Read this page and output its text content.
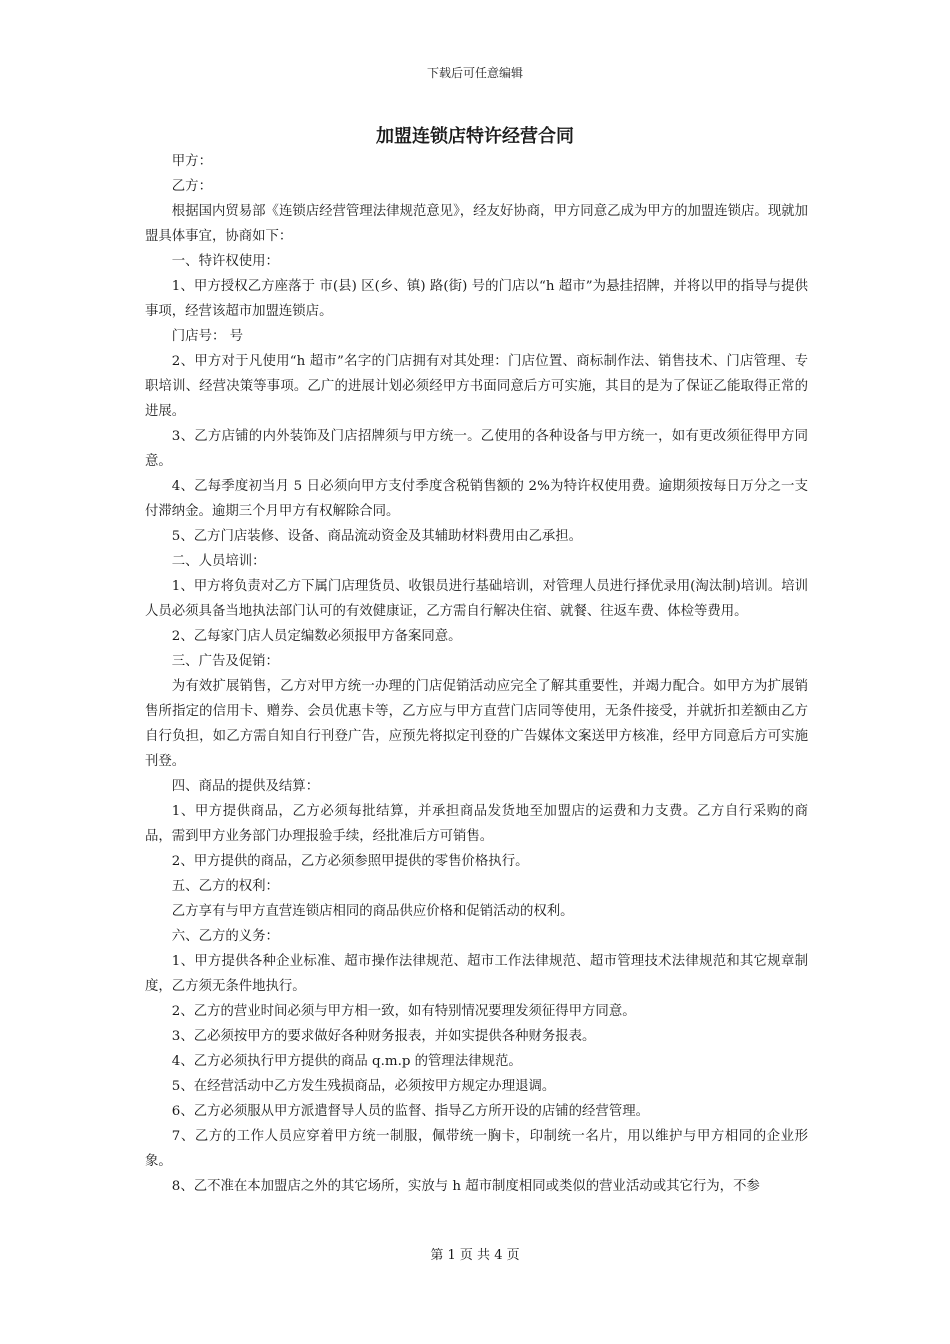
下载后可任意编辑
加盟连锁店特许经营合同

甲方：

乙方：

根据国内贸易部《连锁店经营管理法律规范意见》，经友好协商，甲方同意乙成为甲方的加盟连锁店。现就加盟具体事宜，协商如下：

一、特许权使用：

1、甲方授权乙方座落于 市(县) 区(乡、镇) 路(街) 号的门店以“h 超市”为悬挂招牌，并将以甲的指导与提供事项，经营该超市加盟连锁店。

门店号： 号

2、甲方对于凡使用“h 超市”名字的门店拥有对其处理：门店位置、商标制作法、销售技术、门店管理、专职培训、经营决策等事项。乙广的进展计划必须经甲方书面同意后方可实施，其目的是为了保证乙能取得正常的进展。

3、乙方店铺的内外装饰及门店招牌须与甲方统一。乙使用的各种设备与甲方统一，如有更改须征得甲方同意。

4、乙每季度初当月 5 日必须向甲方支付季度含税销售额的 2%为特许权使用费。逾期须按每日万分之一支付滞纳金。逾期三个月甲方有权解除合同。

5、乙方门店装修、设备、商品流动资金及其辅助材料费用由乙承担。

二、人员培训：

1、甲方将负责对乙方下属门店理货员、收银员进行基础培训，对管理人员进行择优录用(淘汰制)培训。培训人员必须具备当地执法部门认可的有效健康证，乙方需自行解决住宿、就餐、往返车费、体检等费用。

2、乙每家门店人员定编数必须报甲方备案同意。

三、广告及促销：

为有效扩展销售，乙方对甲方统一办理的门店促销活动应完全了解其重要性，并竭力配合。如甲方为扩展销售所指定的信用卡、赠券、会员优惠卡等，乙方应与甲方直营门店同等使用，无条件接受，并就折扣差额由乙方自行负担，如乙方需自知自行刊登广告，应预先将拟定刊登的广告媒体文案送甲方核准，经甲方同意后方可实施刊登。

四、商品的提供及结算：

1、甲方提供商品，乙方必须每批结算，并承担商品发货地至加盟店的运费和力支费。乙方自行采购的商品，需到甲方业务部门办理报验手续，经批准后方可销售。

2、甲方提供的商品，乙方必须参照甲提供的零售价格执行。

五、乙方的权利：

乙方享有与甲方直营连锁店相同的商品供应价格和促销活动的权利。

六、乙方的义务：

1、甲方提供各种企业标准、超市操作法律规范、超市工作法律规范、超市管理技术法律规范和其它规章制度，乙方须无条件地执行。

2、乙方的营业时间必须与甲方相一致，如有特别情况要理发须征得甲方同意。

3、乙必须按甲方的要求做好各种财务报表，并如实提供各种财务报表。

4、乙方必须执行甲方提供的商品 q.m.p 的管理法律规范。

5、在经营活动中乙方发生残损商品，必须按甲方规定办理退调。

6、乙方必须服从甲方派遣督导人员的监督、指导乙方所开设的店铺的经营管理。

7、乙方的工作人员应穿着甲方统一制服，佩带统一胸卡，印制统一名片，用以维护与甲方相同的企业形象。

8、乙不准在本加盟店之外的其它场所，实放与 h 超市制度相同或类似的营业活动或其它行为，不参

第 1 页 共 4 页
